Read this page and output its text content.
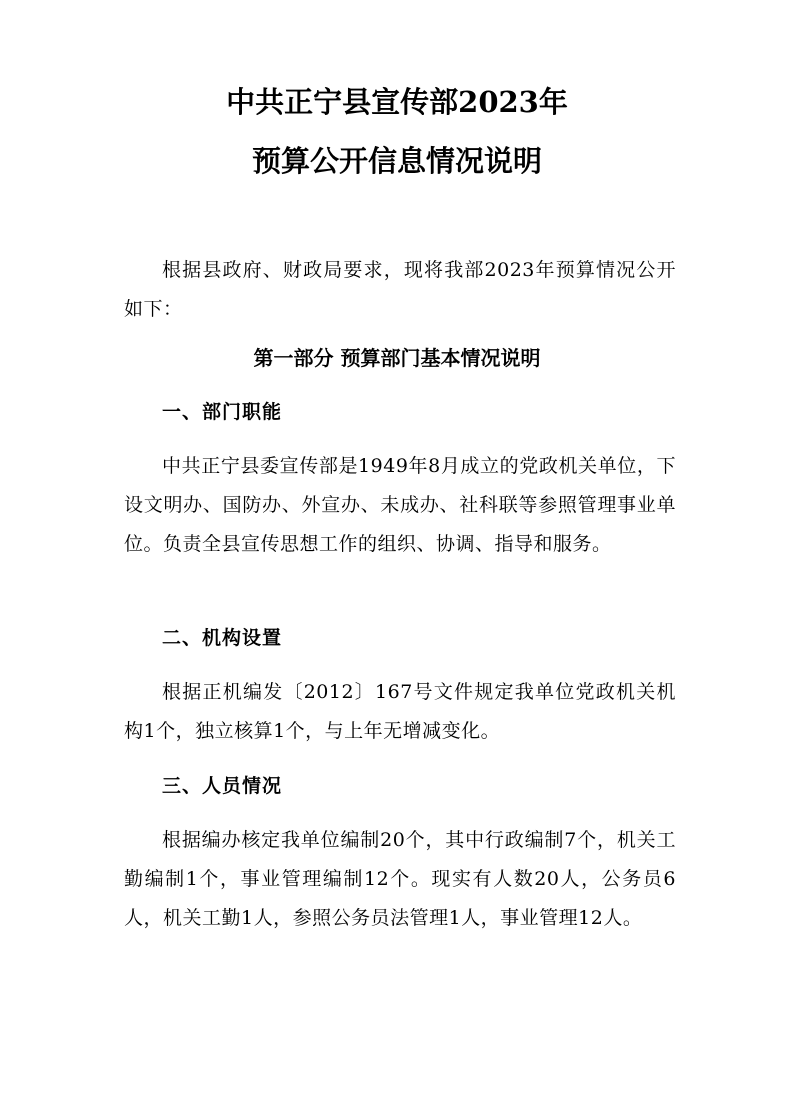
中共正宁县宣传部2023年
预算公开信息情况说明

根据县政府、财政局要求，现将我部2023年预算情况公开如下：

第一部分 预算部门基本情况说明

一、部门职能

中共正宁县委宣传部是1949年8月成立的党政机关单位，下设文明办、国防办、外宣办、未成办、社科联等参照管理事业单位。负责全县宣传思想工作的组织、协调、指导和服务。

二、机构设置

根据正机编发〔2012〕167号文件规定我单位党政机关机构1个，独立核算1个，与上年无增减变化。

三、人员情况

根据编办核定我单位编制20个，其中行政编制7个，机关工勤编制1个，事业管理编制12个。现实有人数20人，公务员6人，机关工勤1人，参照公务员法管理1人，事业管理12人。
